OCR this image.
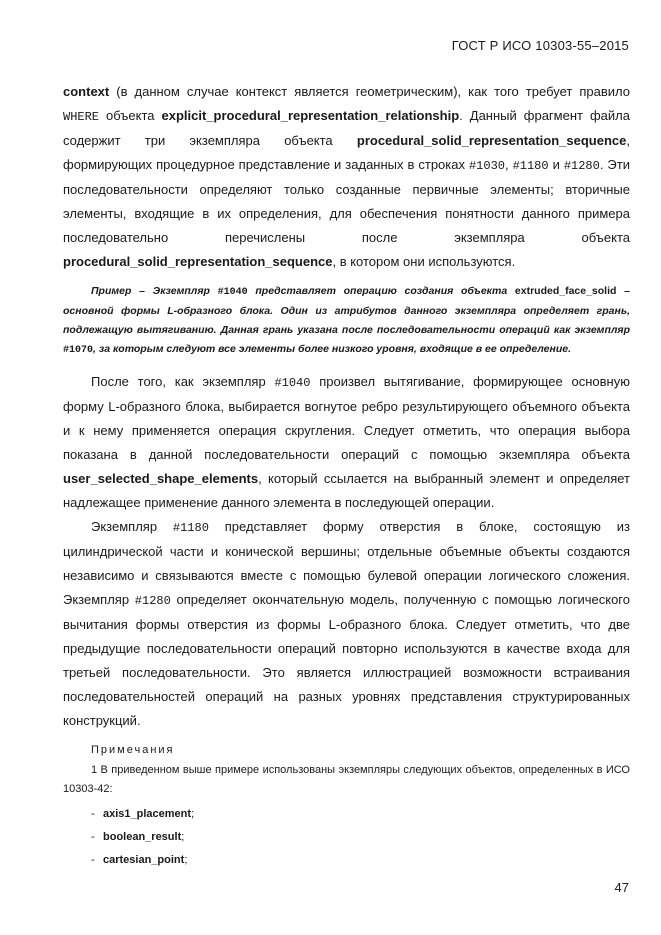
ГОСТ Р ИСО 10303-55–2015

context (в данном случае контекст является геометрическим), как того требует правило WHERE объекта explicit_procedural_representation_relationship. Данный фрагмент файла содержит три экземпляра объекта procedural_solid_representation_sequence, формирующих процедурное представление и заданных в строках #1030, #1180 и #1280. Эти последовательности определяют только созданные первичные элементы; вторичные элементы, входящие в их определения, для обеспечения понятности данного примера последовательно перечислены после экземпляра объекта procedural_solid_representation_sequence, в котором они используются.

Пример – Экземпляр #1040 представляет операцию создания объекта extruded_face_solid – основной формы L-образного блока. Один из атрибутов данного экземпляра определяет грань, подлежащую вытягиванию. Данная грань указана после последовательности операций как экземпляр #1070, за которым следуют все элементы более низкого уровня, входящие в ее определение.

После того, как экземпляр #1040 произвел вытягивание, формирующее основную форму L-образного блока, выбирается вогнутое ребро результирующего объемного объекта и к нему применяется операция скругления. Следует отметить, что операция выбора показана в данной последовательности операций с помощью экземпляра объекта user_selected_shape_elements, который ссылается на выбранный элемент и определяет надлежащее применение данного элемента в последующей операции.

Экземпляр #1180 представляет форму отверстия в блоке, состоящую из цилиндрической части и конической вершины; отдельные объемные объекты создаются независимо и связываются вместе с помощью булевой операции логического сложения. Экземпляр #1280 определяет окончательную модель, полученную с помощью логического вычитания формы отверстия из формы L-образного блока. Следует отметить, что две предыдущие последовательности операций повторно используются в качестве входа для третьей последовательности. Это является иллюстрацией возможности встраивания последовательностей операций на разных уровнях представления структурированных конструкций.

Примечания

1 В приведенном выше примере использованы экземпляры следующих объектов, определенных в ИСО 10303-42:

- axis1_placement;
- boolean_result;
- cartesian_point;
47
